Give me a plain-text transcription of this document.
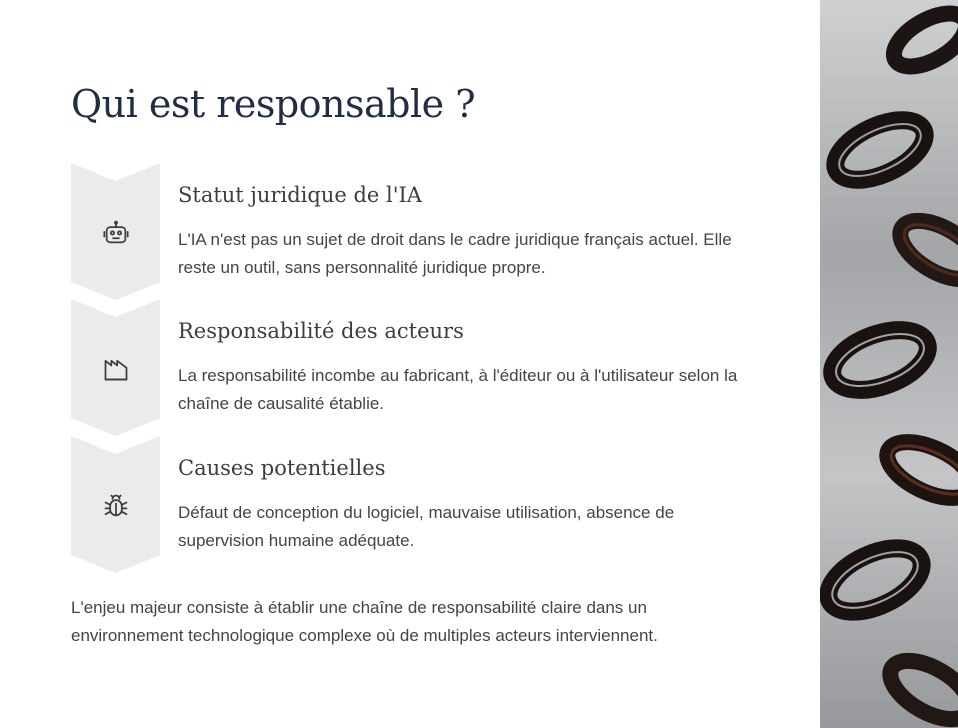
Qui est responsable ?
Statut juridique de l'IA

L'IA n'est pas un sujet de droit dans le cadre juridique français actuel. Elle reste un outil, sans personnalité juridique propre.

Responsabilité des acteurs

La responsabilité incombe au fabricant, à l'éditeur ou à l'utilisateur selon la chaîne de causalité établie.

Causes potentielles

Défaut de conception du logiciel, mauvaise utilisation, absence de supervision humaine adéquate.

L'enjeu majeur consiste à établir une chaîne de responsabilité claire dans un environnement technologique complexe où de multiples acteurs interviennent.
